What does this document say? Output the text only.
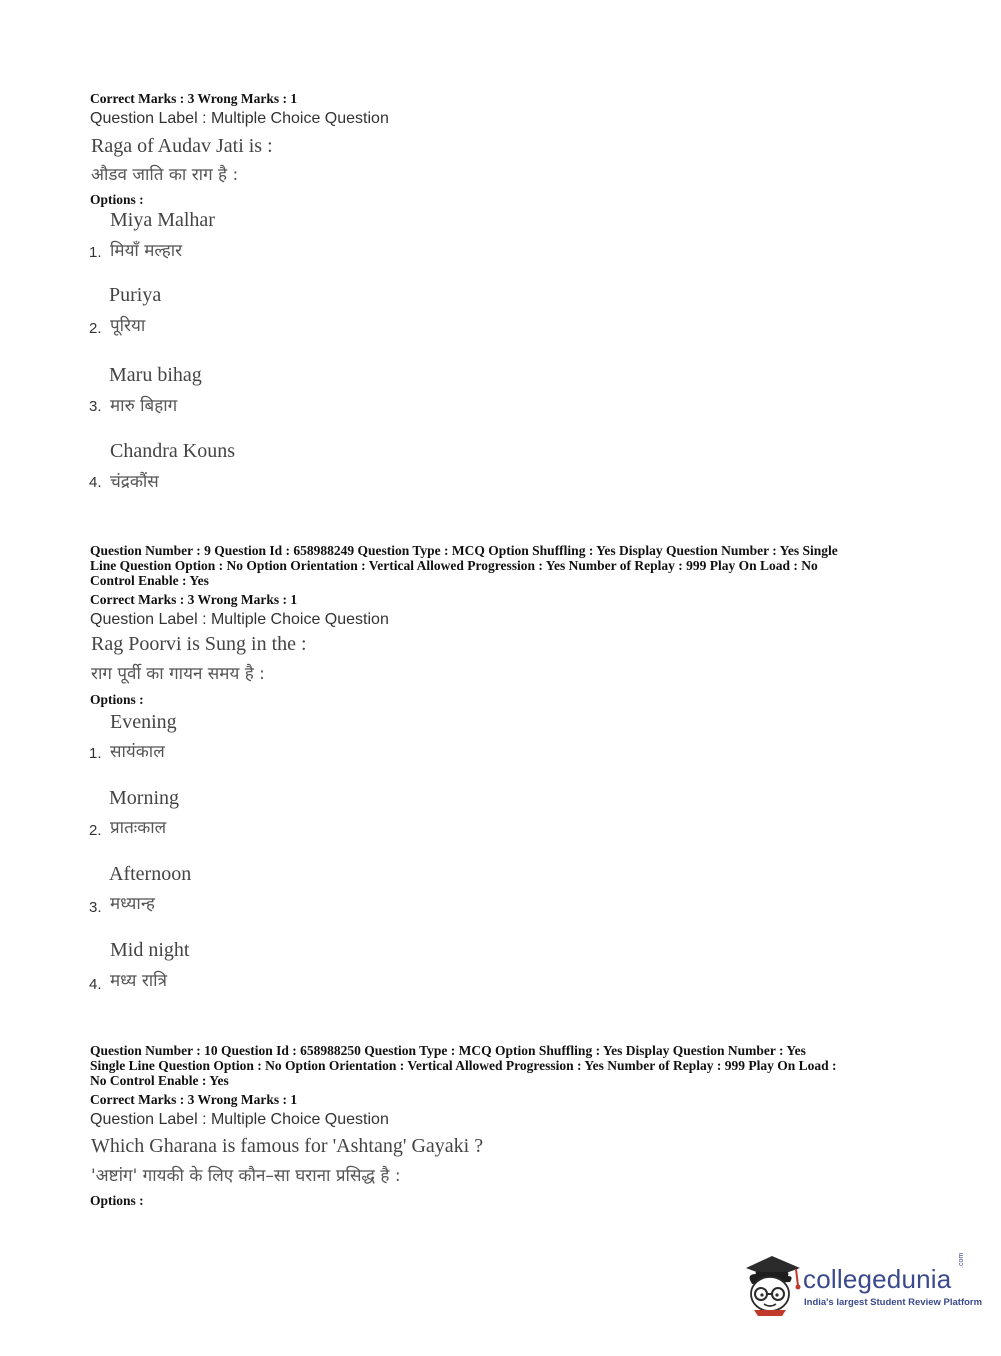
Correct Marks : 3 Wrong Marks : 1
Question Label : Multiple Choice Question
Raga of Audav Jati is :
औडव जाति का राग है :
Options :
Miya Malhar
1. मियाँ मल्हार
Puriya
2. पूरिया
Maru bihag
3. मारु बिहाग
Chandra Kouns
4. चंद्रकौंस
Question Number : 9 Question Id : 658988249 Question Type : MCQ Option Shuffling : Yes Display Question Number : Yes Single
Line Question Option : No Option Orientation : Vertical Allowed Progression : Yes Number of Replay : 999 Play On Load : No
Control Enable : Yes
Correct Marks : 3 Wrong Marks : 1
Question Label : Multiple Choice Question
Rag Poorvi is Sung in the :
राग पूर्वी का गायन समय है :
Options :
Evening
1. सायंकाल
Morning
2. प्रातःकाल
Afternoon
3. मध्यान्ह
Mid night
4. मध्य रात्रि
Question Number : 10 Question Id : 658988250 Question Type : MCQ Option Shuffling : Yes Display Question Number : Yes
Single Line Question Option : No Option Orientation : Vertical Allowed Progression : Yes Number of Replay : 999 Play On Load :
No Control Enable : Yes
Correct Marks : 3 Wrong Marks : 1
Question Label : Multiple Choice Question
Which Gharana is famous for 'Ashtang' Gayaki ?
'अष्टांग' गायकी के लिए कौन–सा घराना प्रसिद्ध है :
Options :
collegedunia
.com
India's largest Student Review Platform
